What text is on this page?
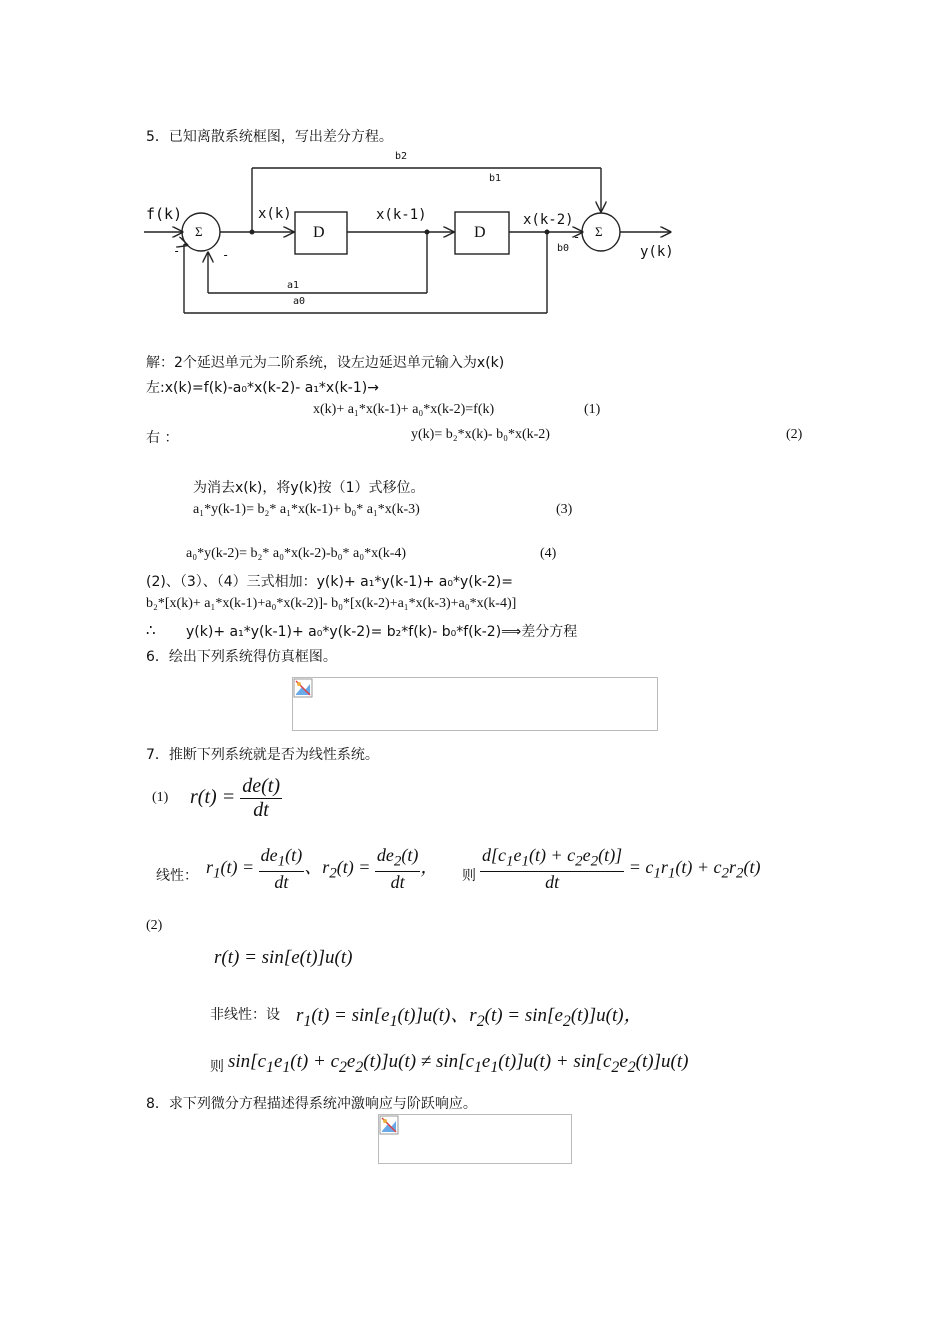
5．已知离散系统框图，写出差分方程。
f(k)
Σ
x(k)
D
x(k-1)
D
x(k-2)
Σ
y(k)
b2
b1
b0
a1
a0
-	-
-
解：2个延迟单元为二阶系统，设左边延迟单元输入为x(k)
左:x(k)=f(k)-a₀*x(k-2)- a₁*x(k-1)→
x(k)+ a₁*x(k-1)+ a₀*x(k-2)=f(k)	(1)
右 ：	y(k)= b₂*x(k)- b₀*x(k-2)	(2)
为消去x(k)，将y(k)按（1）式移位。
a₁*y(k-1)= b₂* a₁*x(k-1)+ b₀* a₁*x(k-3)	(3)
a₀*y(k-2)= b₂* a₀*x(k-2)-b₀* a₀*x(k-4)	(4)
(2)、（3）、（4）三式相加：y(k)+ a₁*y(k-1)+ a₀*y(k-2)=
b₂*[x(k)+ a₁*x(k-1)+a₀*x(k-2)]- b₀*[x(k-2)+a₁*x(k-3)+a₀*x(k-4)]
∴ y(k)+ a₁*y(k-1)+ a₀*y(k-2)= b₂*f(k)- b₀*f(k-2)⟹差分方程
6．绘出下列系统得仿真框图。
7．推断下列系统就是否为线性系统。
(1) $r(t) = \frac{de(t)}{dt}$
线性： $r_1(t) = \frac{de_1(t)}{dt}$ 、$r_2(t) = \frac{de_2(t)}{dt}$ ， 则 $\frac{d[c_1e_1(t) + c_2e_2(t)]}{dt} = c_1r_1(t) + c_2r_2(t)$
(2)
r(t) = sin[e(t)]u(t)
非线性：设 $r_1(t) = \sin[e_1(t)]u(t)$、$r_2(t) = \sin[e_2(t)]u(t)$，
则 $\sin[c_1e_1(t) + c_2e_2(t)]u(t) \ne \sin[c_1e_1(t)]u(t) + \sin[c_2e_2(t)]u(t)$
8．求下列微分方程描述得系统冲激响应与阶跃响应。
